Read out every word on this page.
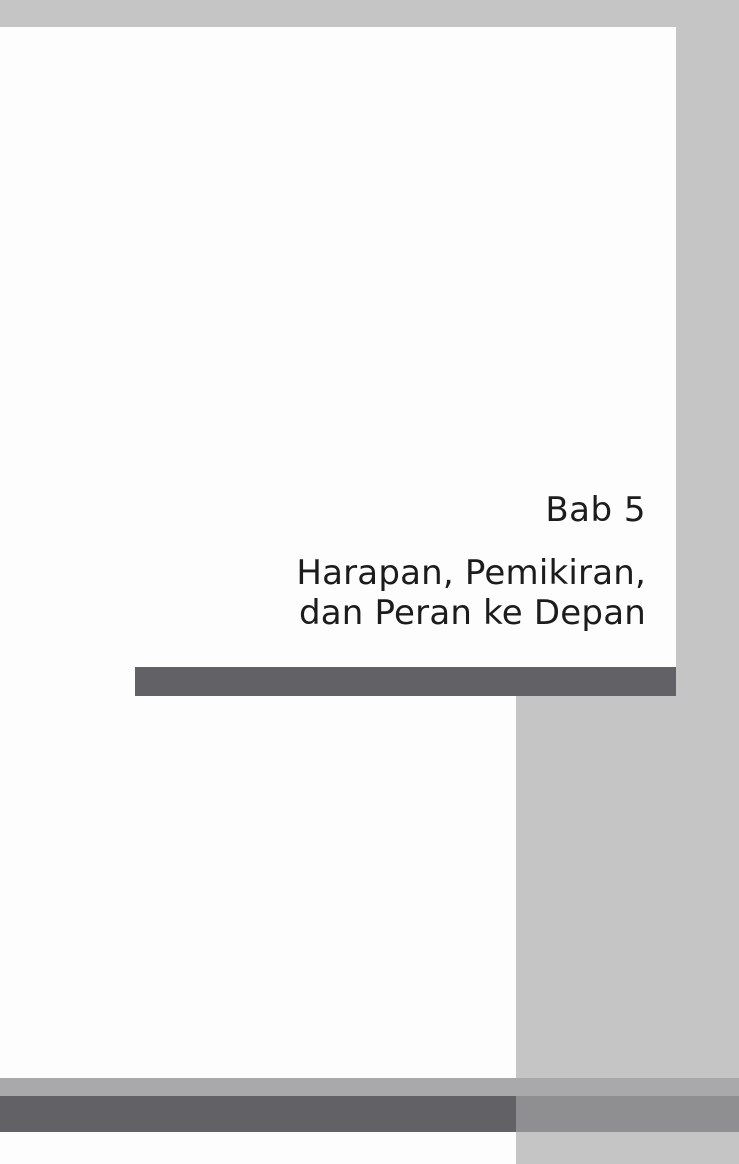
Bab 5
Harapan, Pemikiran,
dan Peran ke Depan
